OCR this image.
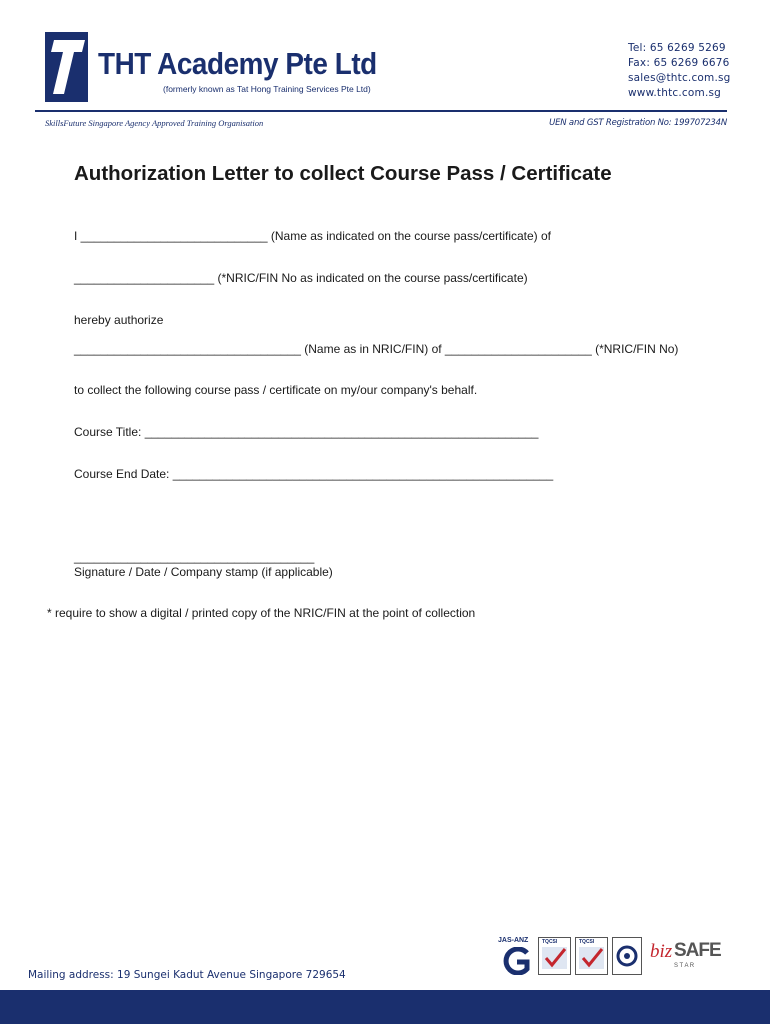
THT Academy Pte Ltd
(formerly known as Tat Hong Training Services Pte Ltd)
Tel: 65 6269 5269
Fax: 65 6269 6676
sales@thtc.com.sg
www.thtc.com.sg
SkillsFuture Singapore Agency Approved Training Organisation	UEN and GST Registration No: 199707234N
Authorization Letter to collect Course Pass / Certificate
I ____________________________ (Name as indicated on the course pass/certificate) of
_____________________ (*NRIC/FIN No as indicated on the course pass/certificate)
hereby authorize
__________________________________ (Name as in NRIC/FIN) of ______________________ (*NRIC/FIN No)
to collect the following course pass / certificate on my/our company's behalf.
Course Title: ___________________________________________________________
Course End Date: _________________________________________________________
____________________________________
Signature / Date / Company stamp (if applicable)
* require to show a digital / printed copy of the NRIC/FIN at the point of collection
JAS-ANZ	TQCSI	TQCSI	biz SAFE
S T A R
Mailing address: 19 Sungei Kadut Avenue Singapore 729654
